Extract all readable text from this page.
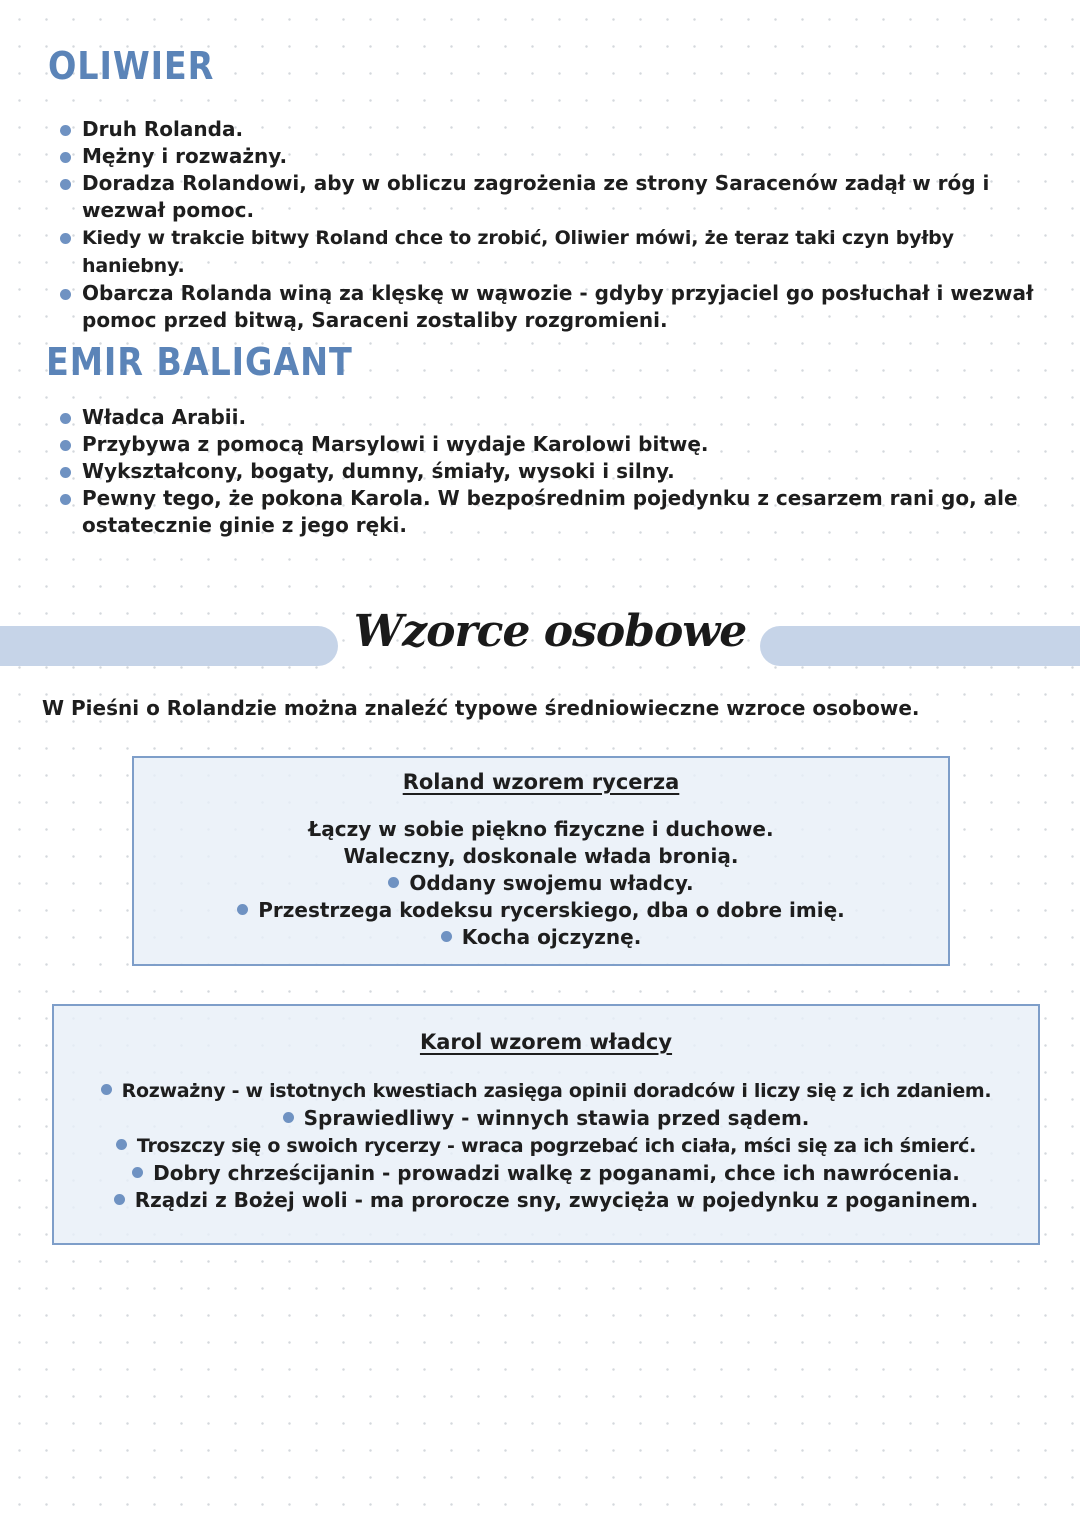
OLIWIER
Druh Rolanda.
Mężny i rozważny.
Doradza Rolandowi, aby w obliczu zagrożenia ze strony Saracenów zadął w róg i wezwał pomoc.
Kiedy w trakcie bitwy Roland chce to zrobić, Oliwier mówi, że teraz taki czyn byłby haniebny.
Obarcza Rolanda winą za klęskę w wąwozie - gdyby przyjaciel go posłuchał i wezwał pomoc przed bitwą, Saraceni zostaliby rozgromieni.
EMIR BALIGANT
Władca Arabii.
Przybywa z pomocą Marsylowi i wydaje Karolowi bitwę.
Wykształcony, bogaty, dumny, śmiały, wysoki i silny.
Pewny tego, że pokona Karola. W bezpośrednim pojedynku z cesarzem rani go, ale ostatecznie ginie z jego ręki.
Wzorce osobowe

W Pieśni o Rolandzie można znaleźć typowe średniowieczne wzroce osobowe.

Roland wzorem rycerza
Łączy w sobie piękno fizyczne i duchowe.
Waleczny, doskonale włada bronią.
Oddany swojemu władcy.
Przestrzega kodeksu rycerskiego, dba o dobre imię.
Kocha ojczyznę.
Karol wzorem władcy
Rozważny - w istotnych kwestiach zasięga opinii doradców i liczy się z ich zdaniem.
Sprawiedliwy - winnych stawia przed sądem.
Troszczy się o swoich rycerzy - wraca pogrzebać ich ciała, mści się za ich śmierć.
Dobry chrześcijanin - prowadzi walkę z poganami, chce ich nawrócenia.
Rządzi z Bożej woli - ma prorocze sny, zwycięża w pojedynku z poganinem.
